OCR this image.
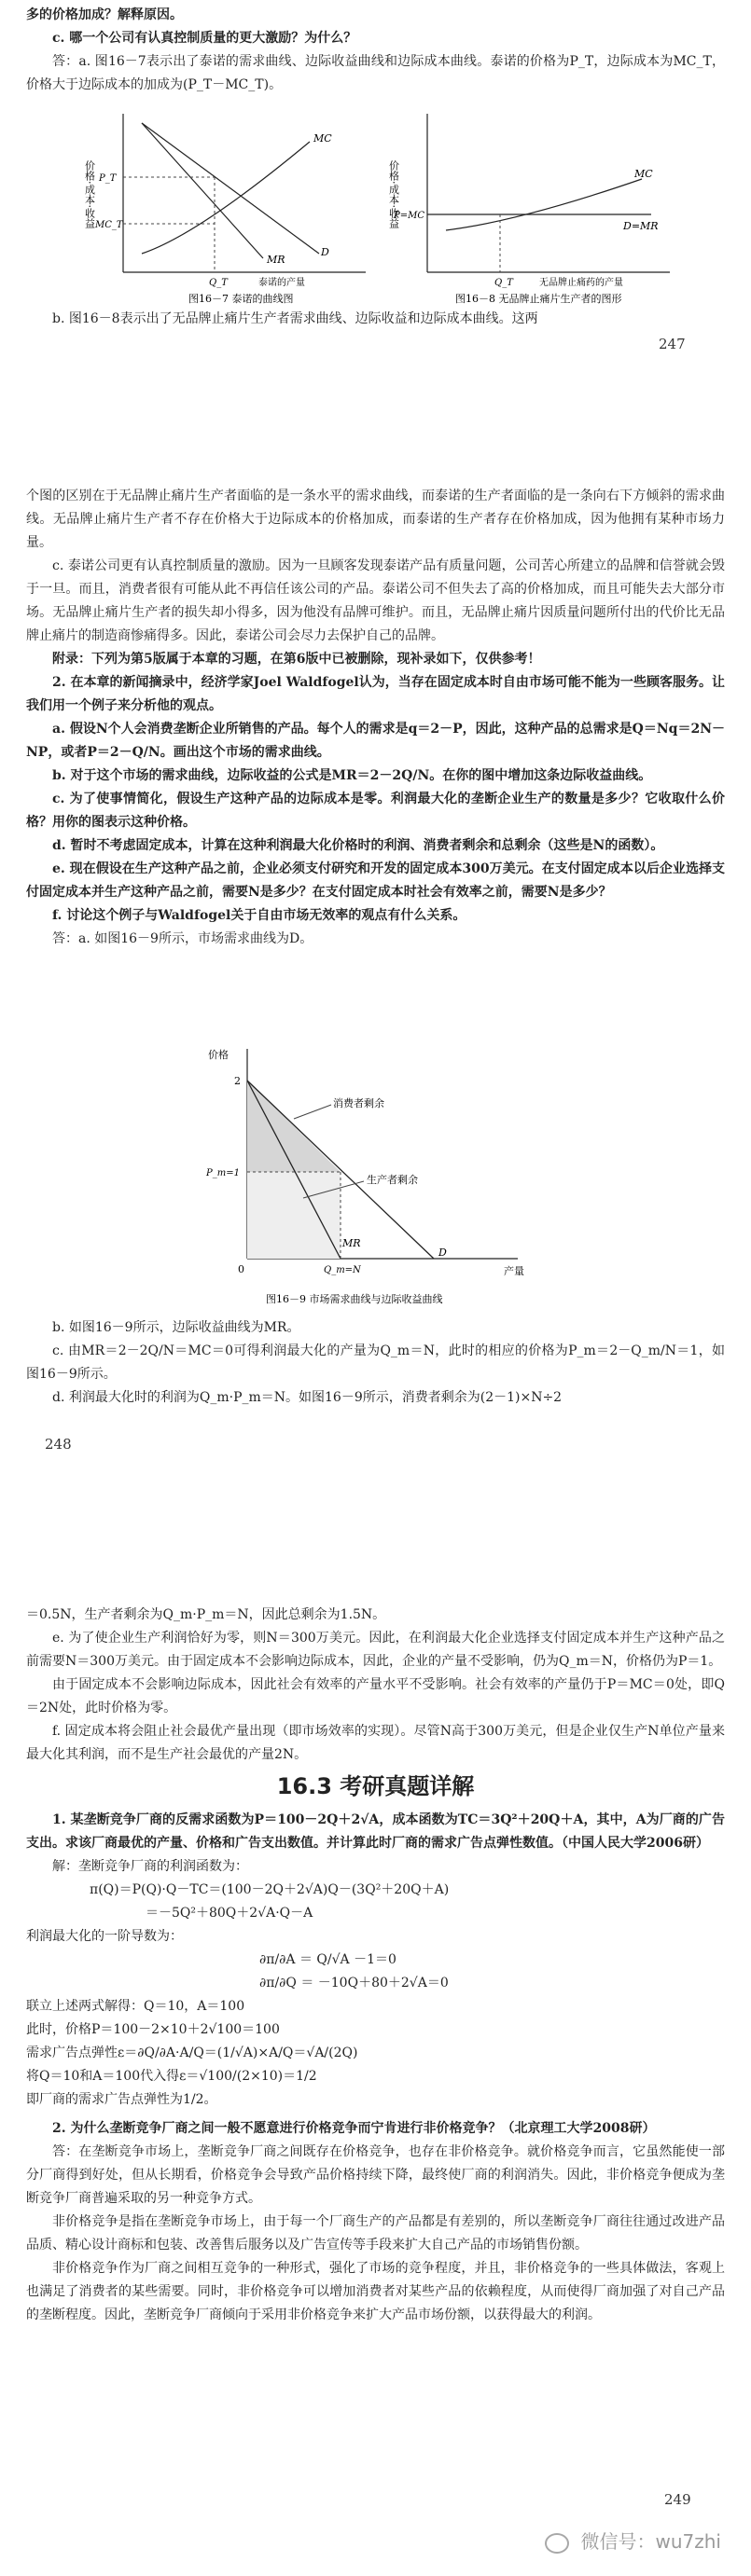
多的价格加成？解释原因。

c. 哪一个公司有认真控制质量的更大激励？为什么？

答：a. 图16－7表示出了泰诺的需求曲线、边际收益曲线和边际成本曲线。泰诺的价格为P_T，边际成本为MC_T，价格大于边际成本的加成为(P_T－MC_T)。

价格·成本·收益
MC
D
MR
P_T
MC_T
Q_T	泰诺的产量
图16－7 泰诺的曲线图
价格·成本·收益	MC
D=MR
P=MC
Q_T	无品牌止痛药的产量
图16－8 无品牌止痛片生产者的图形

b. 图16－8表示出了无品牌止痛片生产者需求曲线、边际收益和边际成本曲线。这两

247

个图的区别在于无品牌止痛片生产者面临的是一条水平的需求曲线，而泰诺的生产者面临的是一条向右下方倾斜的需求曲线。无品牌止痛片生产者不存在价格大于边际成本的价格加成，而泰诺的生产者存在价格加成，因为他拥有某种市场力量。

c. 泰诺公司更有认真控制质量的激励。因为一旦顾客发现泰诺产品有质量问题，公司苦心所建立的品牌和信誉就会毁于一旦。而且，消费者很有可能从此不再信任该公司的产品。泰诺公司不但失去了高的价格加成，而且可能失去大部分市场。无品牌止痛片生产者的损失却小得多，因为他没有品牌可维护。而且，无品牌止痛片因质量问题所付出的代价比无品牌止痛片的制造商惨痛得多。因此，泰诺公司会尽力去保护自己的品牌。

附录：下列为第5版属于本章的习题，在第6版中已被删除，现补录如下，仅供参考！

2. 在本章的新闻摘录中，经济学家Joel Waldfogel认为，当存在固定成本时自由市场可能不能为一些顾客服务。让我们用一个例子来分析他的观点。

a. 假设N个人会消费垄断企业所销售的产品。每个人的需求是q＝2－P，因此，这种产品的总需求是Q＝Nq＝2N－NP，或者P＝2－Q/N。画出这个市场的需求曲线。

b. 对于这个市场的需求曲线，边际收益的公式是MR＝2－2Q/N。在你的图中增加这条边际收益曲线。

c. 为了使事情简化，假设生产这种产品的边际成本是零。利润最大化的垄断企业生产的数量是多少？它收取什么价格？用你的图表示这种价格。

d. 暂时不考虑固定成本，计算在这种利润最大化价格时的利润、消费者剩余和总剩余（这些是N的函数）。

e. 现在假设在生产这种产品之前，企业必须支付研究和开发的固定成本300万美元。在支付固定成本以后企业选择支付固定成本并生产这种产品之前，需要N是多少？在支付固定成本时社会有效率之前，需要N是多少？

f. 讨论这个例子与Waldfogel关于自由市场无效率的观点有什么关系。

答：a. 如图16－9所示，市场需求曲线为D。

价格
产量
2
0
消费者剩余
生产者剩余
P_m=1
Q_m=N
D
MR
图16－9 市场需求曲线与边际收益曲线

b. 如图16－9所示，边际收益曲线为MR。

c. 由MR＝2－2Q/N＝MC＝0可得利润最大化的产量为Q_m＝N，此时的相应的价格为P_m＝2－Q_m/N＝1，如图16－9所示。

d. 利润最大化时的利润为Q_m·P_m＝N。如图16－9所示，消费者剩余为(2－1)×N÷2

248

＝0.5N，生产者剩余为Q_m·P_m＝N，因此总剩余为1.5N。

e. 为了使企业生产利润恰好为零，则N＝300万美元。因此，在利润最大化企业选择支付固定成本并生产这种产品之前需要N＝300万美元。由于固定成本不会影响边际成本，因此，企业的产量不受影响，仍为Q_m＝N，价格仍为P＝1。

由于固定成本不会影响边际成本，因此社会有效率的产量水平不受影响。社会有效率的产量仍于P＝MC＝0处，即Q＝2N处，此时价格为零。

f. 固定成本将会阻止社会最优产量出现（即市场效率的实现）。尽管N高于300万美元，但是企业仅生产N单位产量来最大化其利润，而不是生产社会最优的产量2N。

16.3 考研真题详解

1. 某垄断竞争厂商的反需求函数为P＝100－2Q＋2√A，成本函数为TC＝3Q²＋20Q＋A，其中，A为厂商的广告支出。求该厂商最优的产量、价格和广告支出数值。并计算此时厂商的需求广告点弹性数值。（中国人民大学2006研）

解：垄断竞争厂商的利润函数为：

π(Q)＝P(Q)·Q－TC＝(100－2Q＋2√A)Q－(3Q²＋20Q＋A)

＝－5Q²＋80Q＋2√A·Q－A

利润最大化的一阶导数为：

∂π/∂A ＝ Q/√A －1＝0

∂π/∂Q ＝ －10Q＋80＋2√A＝0

联立上述两式解得：Q＝10，A＝100

此时，价格P＝100－2×10＋2√100＝100

需求广告点弹性ε＝∂Q/∂A·A/Q＝(1/√A)×A/Q＝√A/(2Q)

将Q＝10和A＝100代入得ε＝√100/(2×10)＝1/2

即厂商的需求广告点弹性为1/2。

2. 为什么垄断竞争厂商之间一般不愿意进行价格竞争而宁肯进行非价格竞争？（北京理工大学2008研）

答：在垄断竞争市场上，垄断竞争厂商之间既存在价格竞争，也存在非价格竞争。就价格竞争而言，它虽然能使一部分厂商得到好处，但从长期看，价格竞争会导致产品价格持续下降，最终使厂商的利润消失。因此，非价格竞争便成为垄断竞争厂商普遍采取的另一种竞争方式。

非价格竞争是指在垄断竞争市场上，由于每一个厂商生产的产品都是有差别的，所以垄断竞争厂商往往通过改进产品品质、精心设计商标和包装、改善售后服务以及广告宣传等手段来扩大自己产品的市场销售份额。

非价格竞争作为厂商之间相互竞争的一种形式，强化了市场的竞争程度，并且，非价格竞争的一些具体做法，客观上也满足了消费者的某些需要。同时，非价格竞争可以增加消费者对某些产品的依赖程度，从而使得厂商加强了对自己产品的垄断程度。因此，垄断竞争厂商倾向于采用非价格竞争来扩大产品市场份额，以获得最大的利润。

249
微信号：wu7zhi
